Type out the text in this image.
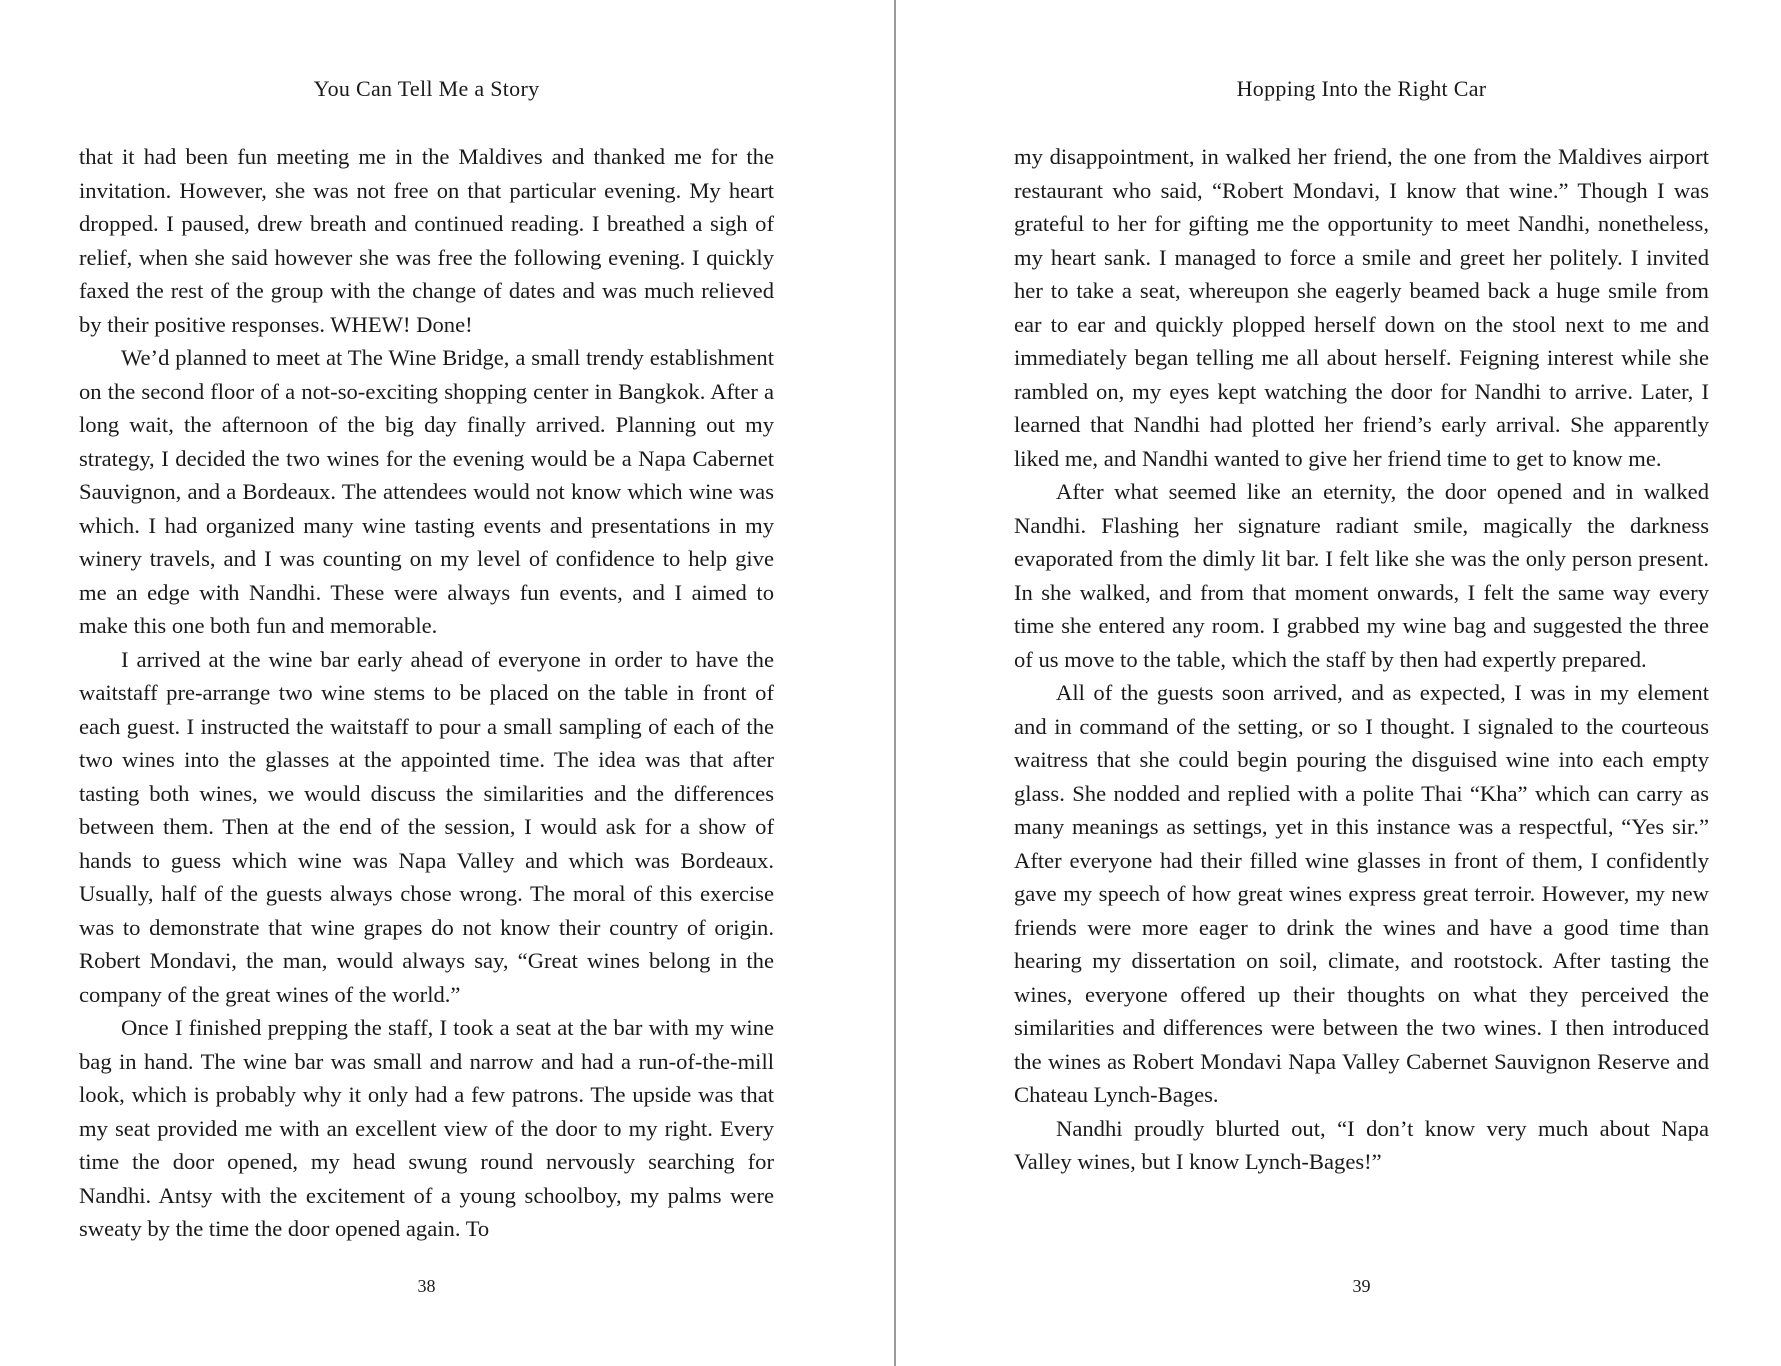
You Can Tell Me a Story

that it had been fun meeting me in the Maldives and thanked me for the invitation. However, she was not free on that particular evening. My heart dropped. I paused, drew breath and continued reading. I breathed a sigh of relief, when she said however she was free the following evening. I quickly faxed the rest of the group with the change of dates and was much relieved by their positive responses. WHEW! Done!

We’d planned to meet at The Wine Bridge, a small trendy establishment on the second floor of a not-so-exciting shopping center in Bangkok. After a long wait, the afternoon of the big day finally arrived. Planning out my strategy, I decided the two wines for the evening would be a Napa Cabernet Sauvignon, and a Bordeaux. The attendees would not know which wine was which. I had organized many wine tasting events and presentations in my winery travels, and I was counting on my level of confidence to help give me an edge with Nandhi. These were always fun events, and I aimed to make this one both fun and memorable.

I arrived at the wine bar early ahead of everyone in order to have the waitstaff pre-arrange two wine stems to be placed on the table in front of each guest. I instructed the waitstaff to pour a small sampling of each of the two wines into the glasses at the appointed time. The idea was that after tasting both wines, we would discuss the similarities and the differences between them. Then at the end of the session, I would ask for a show of hands to guess which wine was Napa Valley and which was Bordeaux. Usually, half of the guests always chose wrong. The moral of this exercise was to demonstrate that wine grapes do not know their country of origin. Robert Mondavi, the man, would always say, “Great wines belong in the company of the great wines of the world.”

Once I finished prepping the staff, I took a seat at the bar with my wine bag in hand. The wine bar was small and narrow and had a run-of-the-mill look, which is probably why it only had a few patrons. The upside was that my seat provided me with an excellent view of the door to my right. Every time the door opened, my head swung round nervously searching for Nandhi. Antsy with the excitement of a young schoolboy, my palms were sweaty by the time the door opened again. To

38
Hopping Into the Right Car

my disappointment, in walked her friend, the one from the Maldives airport restaurant who said, “Robert Mondavi, I know that wine.” Though I was grateful to her for gifting me the opportunity to meet Nandhi, nonetheless, my heart sank. I managed to force a smile and greet her politely. I invited her to take a seat, whereupon she eagerly beamed back a huge smile from ear to ear and quickly plopped herself down on the stool next to me and immediately began telling me all about herself. Feigning interest while she rambled on, my eyes kept watching the door for Nandhi to arrive. Later, I learned that Nandhi had plotted her friend’s early arrival. She apparently liked me, and Nandhi wanted to give her friend time to get to know me.

After what seemed like an eternity, the door opened and in walked Nandhi. Flashing her signature radiant smile, magically the darkness evaporated from the dimly lit bar. I felt like she was the only person present. In she walked, and from that moment onwards, I felt the same way every time she entered any room. I grabbed my wine bag and suggested the three of us move to the table, which the staff by then had expertly prepared.

All of the guests soon arrived, and as expected, I was in my element and in command of the setting, or so I thought. I signaled to the courteous waitress that she could begin pouring the disguised wine into each empty glass. She nodded and replied with a polite Thai “Kha” which can carry as many meanings as settings, yet in this instance was a respectful, “Yes sir.” After everyone had their filled wine glasses in front of them, I confidently gave my speech of how great wines express great terroir. However, my new friends were more eager to drink the wines and have a good time than hearing my dissertation on soil, climate, and rootstock. After tasting the wines, everyone offered up their thoughts on what they perceived the similarities and differences were between the two wines. I then introduced the wines as Robert Mondavi Napa Valley Cabernet Sauvignon Reserve and Chateau Lynch-Bages.

Nandhi proudly blurted out, “I don’t know very much about Napa Valley wines, but I know Lynch-Bages!”

39
